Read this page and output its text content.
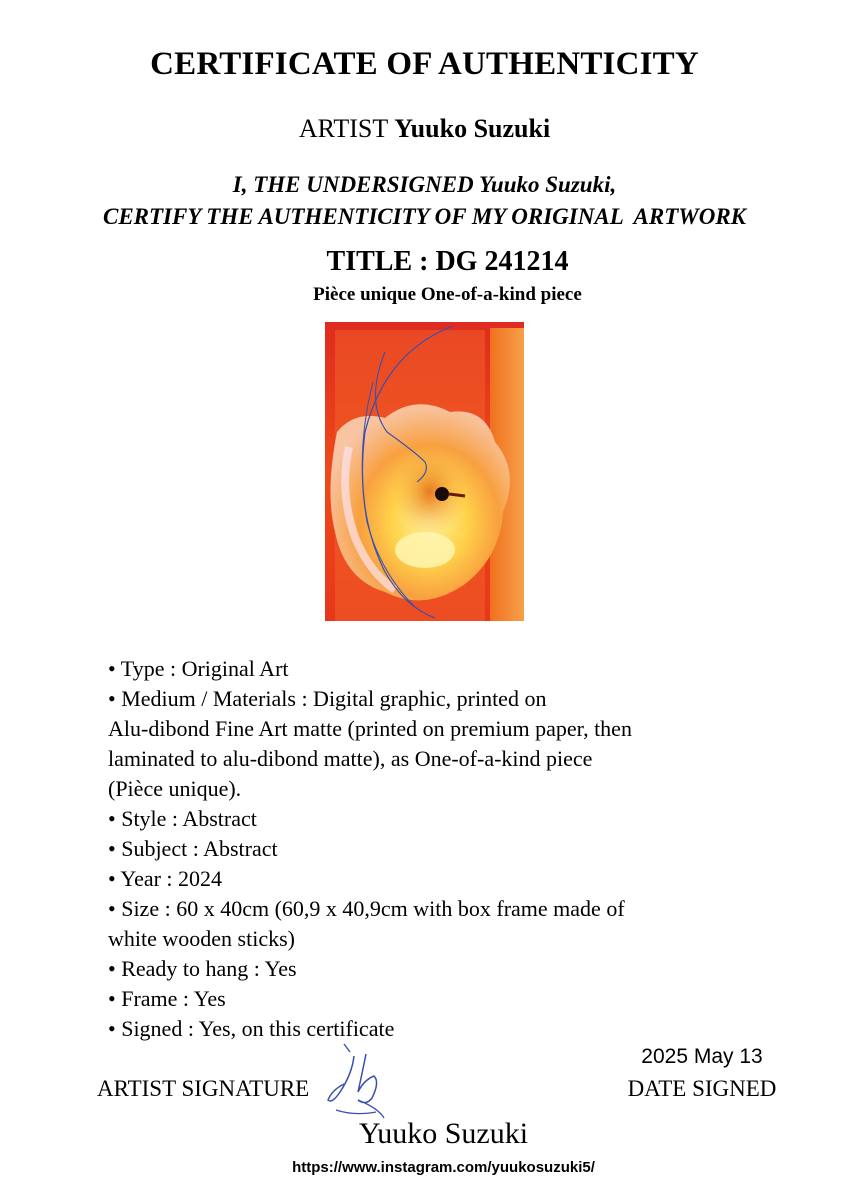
CERTIFICATE OF AUTHENTICITY
ARTIST Yuuko Suzuki
I, THE UNDERSIGNED Yuuko Suzuki,
CERTIFY THE AUTHENTICITY OF MY ORIGINAL  ARTWORK
TITLE : DG 241214
Pièce unique One-of-a-kind piece

• Type : Original Art

• Medium / Materials : Digital graphic, printed on

Alu-dibond Fine Art matte (printed on premium paper, then

laminated to alu-dibond matte), as One-of-a-kind piece

(Pièce unique).

• Style : Abstract

• Subject : Abstract

• Year : 2024

• Size : 60 x 40cm (60,9 x 40,9cm with box frame made of

white wooden sticks)

• Ready to hang : Yes

• Frame : Yes

• Signed : Yes, on this certificate

2025 May 13
DATE SIGNED
ARTIST SIGNATURE
Yuuko Suzuki
https://www.instagram.com/yuukosuzuki5/
